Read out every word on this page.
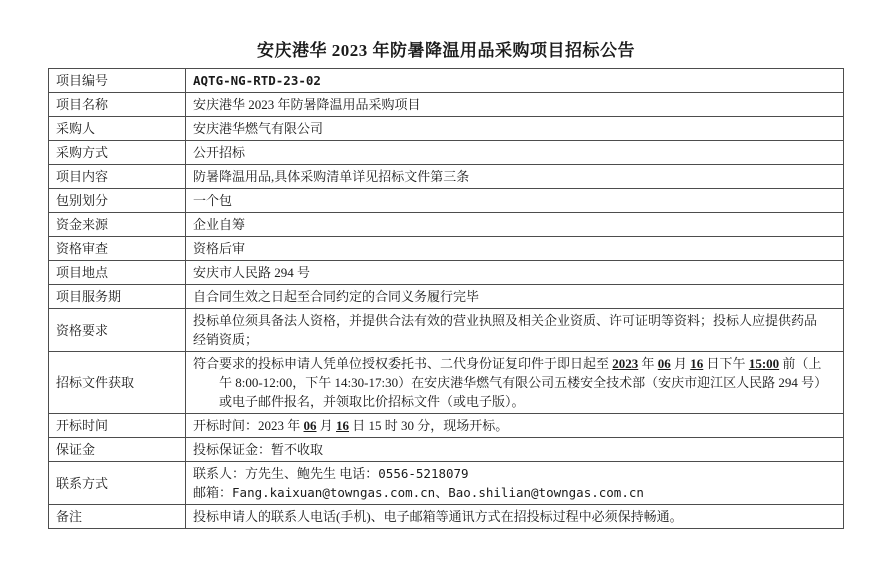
安庆港华 2023 年防暑降温用品采购项目招标公告
项目编号	AQTG-NG-RTD-23-02

项目名称	安庆港华 2023 年防暑降温用品采购项目

采购人	安庆港华燃气有限公司

采购方式	公开招标

项目内容	防暑降温用品,具体采购清单详见招标文件第三条

包别划分	一个包

资金来源	企业自筹

资格审查	资格后审

项目地点	安庆市人民路 294 号

项目服务期	自合同生效之日起至合同约定的合同义务履行完毕

资格要求	投标单位须具备法人资格，并提供合法有效的营业执照及相关企业资质、许可证明等资料；投标人应提供药品
经销资质；

招标文件获取	符合要求的投标申请人凭单位授权委托书、二代身份证复印件于即日起至 2023 年 06 月 16 日下午 15:00 前（上
午 8:00-12:00，下午 14:30-17:30）在安庆港华燃气有限公司五楼安全技术部（安庆市迎江区人民路 294 号）
或电子邮件报名，并领取比价招标文件（或电子版）。

开标时间	开标时间：2023 年 06 月 16 日 15 时 30 分，现场开标。

保证金	投标保证金：暂不收取

联系方式	联系人：方先生、鲍先生 电话：0556-5218079
邮箱：Fang.kaixuan@towngas.com.cn、Bao.shilian@towngas.com.cn

备注	投标申请人的联系人电话(手机)、电子邮箱等通讯方式在招投标过程中必须保持畅通。
